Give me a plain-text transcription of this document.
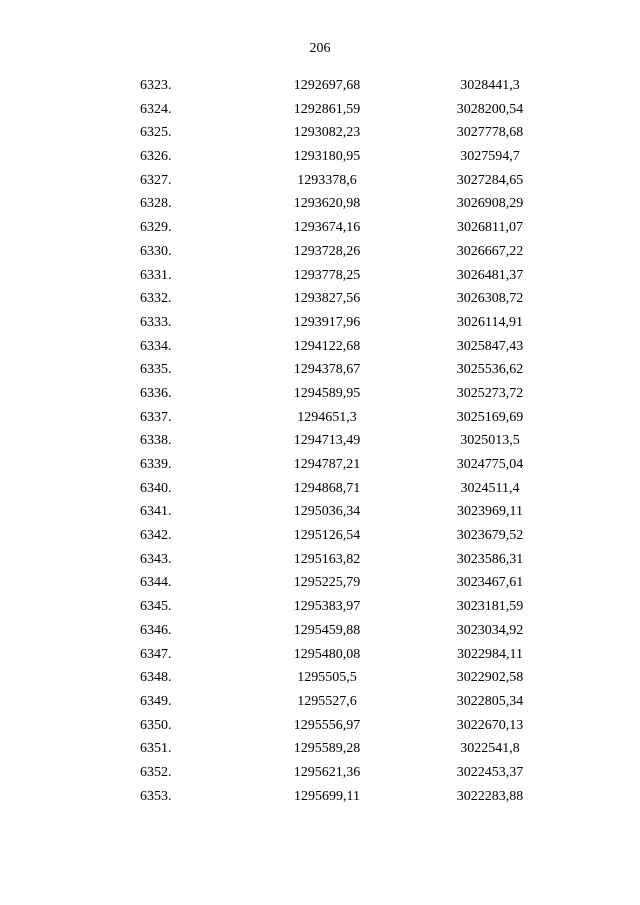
206
6323.	1292697,68	3028441,3
6324.	1292861,59	3028200,54
6325.	1293082,23	3027778,68
6326.	1293180,95	3027594,7
6327.	1293378,6	3027284,65
6328.	1293620,98	3026908,29
6329.	1293674,16	3026811,07
6330.	1293728,26	3026667,22
6331.	1293778,25	3026481,37
6332.	1293827,56	3026308,72
6333.	1293917,96	3026114,91
6334.	1294122,68	3025847,43
6335.	1294378,67	3025536,62
6336.	1294589,95	3025273,72
6337.	1294651,3	3025169,69
6338.	1294713,49	3025013,5
6339.	1294787,21	3024775,04
6340.	1294868,71	3024511,4
6341.	1295036,34	3023969,11
6342.	1295126,54	3023679,52
6343.	1295163,82	3023586,31
6344.	1295225,79	3023467,61
6345.	1295383,97	3023181,59
6346.	1295459,88	3023034,92
6347.	1295480,08	3022984,11
6348.	1295505,5	3022902,58
6349.	1295527,6	3022805,34
6350.	1295556,97	3022670,13
6351.	1295589,28	3022541,8
6352.	1295621,36	3022453,37
6353.	1295699,11	3022283,88
